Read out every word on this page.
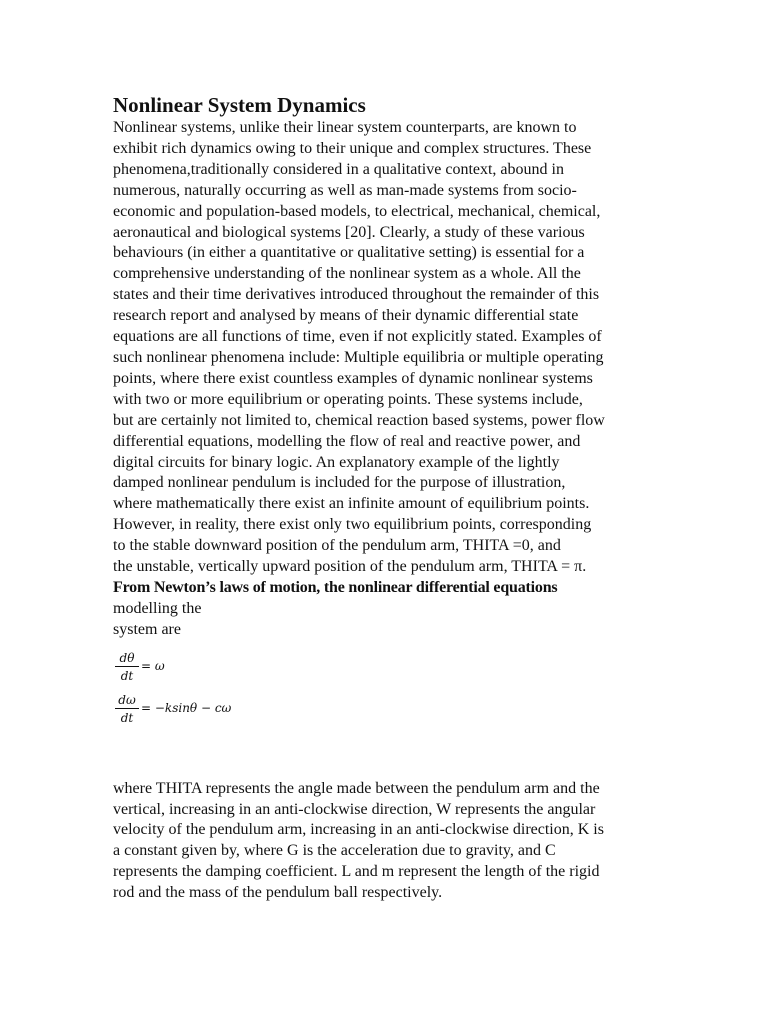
Nonlinear System Dynamics
Nonlinear systems, unlike their linear system counterparts, are known to
exhibit rich dynamics owing to their unique and complex structures. These
phenomena,traditionally considered in a qualitative context, abound in
numerous, naturally occurring as well as man-made systems from socio-
economic and population-based models, to electrical, mechanical, chemical,
aeronautical and biological systems [20]. Clearly, a study of these various
behaviours (in either a quantitative or qualitative setting) is essential for a
comprehensive understanding of the nonlinear system as a whole. All the
states and their time derivatives introduced throughout the remainder of this
research report and analysed by means of their dynamic differential state
equations are all functions of time, even if not explicitly stated. Examples of
such nonlinear phenomena include: Multiple equilibria or multiple operating
points, where there exist countless examples of dynamic nonlinear systems
with two or more equilibrium or operating points. These systems include,
but are certainly not limited to, chemical reaction based systems, power flow
differential equations, modelling the flow of real and reactive power, and
digital circuits for binary logic. An explanatory example of the lightly
damped nonlinear pendulum is included for the purpose of illustration,
where mathematically there exist an infinite amount of equilibrium points.
However, in reality, there exist only two equilibrium points, corresponding
to the stable downward position of the pendulum arm, THITA =0, and
the unstable, vertically upward position of the pendulum arm, THITA = π.
From Newton’s laws of motion, the nonlinear differential equations
modelling the
system are
dθ
dt
= ω
dω
dt
= −ksinθ − cω
where THITA represents the angle made between the pendulum arm and the
vertical, increasing in an anti-clockwise direction, W represents the angular
velocity of the pendulum arm, increasing in an anti-clockwise direction, K is
a constant given by, where G is the acceleration due to gravity, and C
represents the damping coefficient. L and m represent the length of the rigid
rod and the mass of the pendulum ball respectively.
